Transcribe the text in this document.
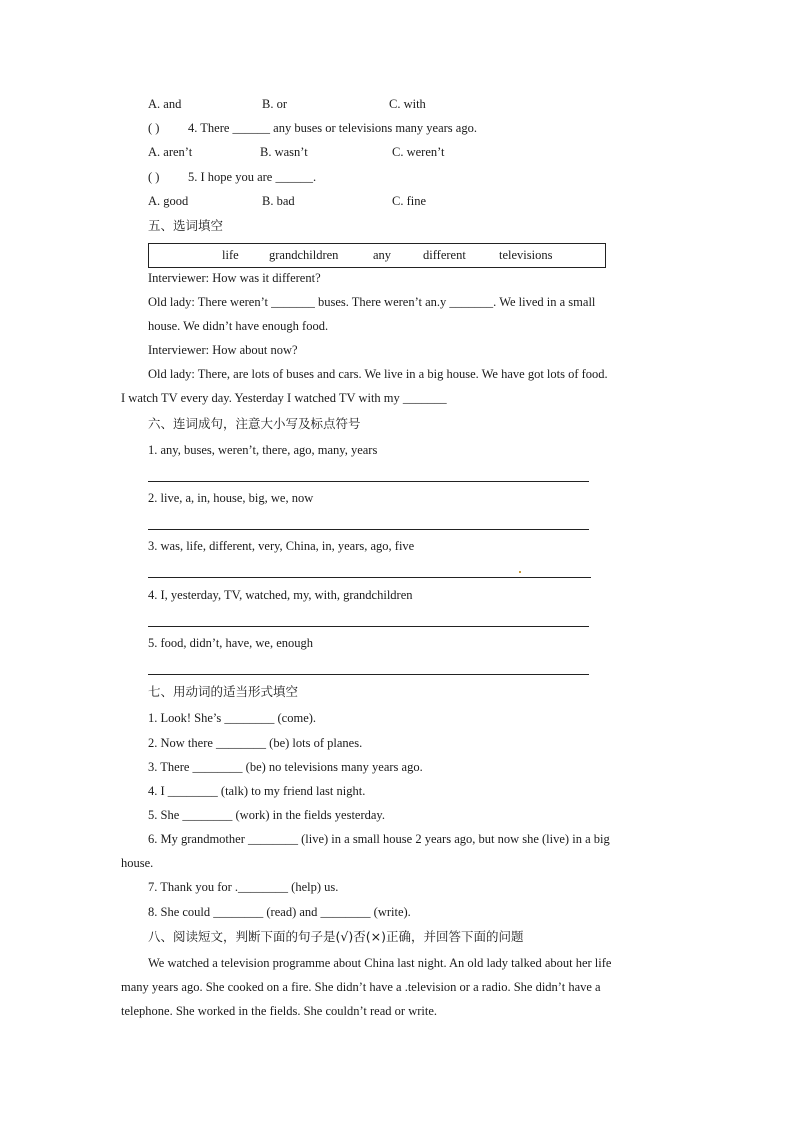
A. and	B. or	C. with
( ) 4. There ______ any buses or televisions many years ago.
A. aren’t	B. wasn’t	C. weren’t
( ) 5. I hope you are ______.
A. good	B. bad	C. fine
五、选词填空
life grandchildren	any	different	televisions
Interviewer: How was it different?
Old lady: There weren’t _______ buses. There weren’t an.y _______. We lived in a small
house. We didn’t have enough food.
Interviewer: How about now?
Old lady: There, are lots of buses and cars. We live in a big house. We have got lots of food.
I watch TV every day. Yesterday I watched TV with my _______
六、连词成句，注意大小写及标点符号
1. any, buses, weren’t, there, ago, many, years
2. live, a, in, house, big, we, now
3. was, life, different, very, China, in, years, ago, five
4. I, yesterday, TV, watched, my, with, grandchildren
5. food, didn’t, have, we, enough
七、用动词的适当形式填空
1. Look! She’s ________ (come).
2. Now there ________ (be) lots of planes.
3. There ________ (be) no televisions many years ago.
4. I ________ (talk) to my friend last night.
5. She ________ (work) in the fields yesterday.
6. My grandmother ________ (live) in a small house 2 years ago, but now she (live) in a big
house.
7. Thank you for .________ (help) us.
8. She could ________ (read) and ________ (write).
八、阅读短文，判断下面的句子是(√)否(×)正确，并回答下面的问题
We watched a television programme about China last night. An old lady talked about her life
many years ago. She cooked on a fire. She didn’t have a .television or a radio. She didn’t have a
telephone. She worked in the fields. She couldn’t read or write.
